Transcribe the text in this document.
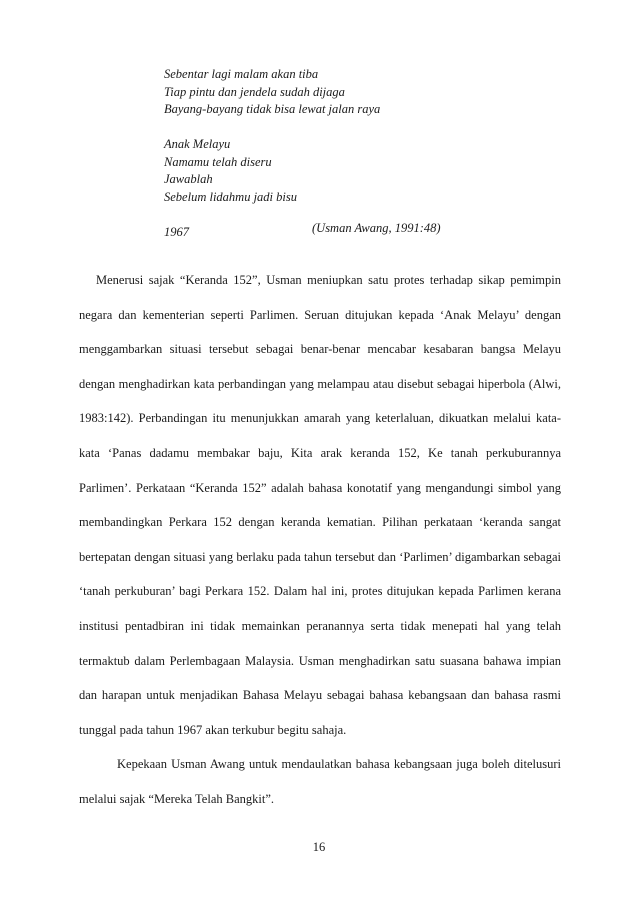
Sebentar lagi malam akan tiba
Tiap pintu dan jendela sudah dijaga
Bayang-bayang tidak bisa lewat jalan raya
Anak Melayu
Namamu telah diseru
Jawablah
Sebelum lidahmu jadi bisu
1967	(Usman Awang, 1991:48)

Menerusi sajak “Keranda 152”, Usman meniupkan satu protes terhadap sikap pemimpin negara dan kementerian seperti Parlimen. Seruan ditujukan kepada ‘Anak Melayu’ dengan menggambarkan situasi tersebut sebagai benar-benar mencabar kesabaran bangsa Melayu dengan menghadirkan kata perbandingan yang melampau atau disebut sebagai hiperbola (Alwi, 1983:142). Perbandingan itu menunjukkan amarah yang keterlaluan, dikuatkan melalui kata-kata ‘Panas dadamu membakar baju, Kita arak keranda 152, Ke tanah perkuburannya Parlimen’. Perkataan “Keranda 152” adalah bahasa konotatif yang mengandungi simbol yang membandingkan Perkara 152 dengan keranda kematian. Pilihan perkataan ‘keranda sangat bertepatan dengan situasi yang berlaku pada tahun tersebut dan ‘Parlimen’ digambarkan sebagai ‘tanah perkuburan’ bagi Perkara 152. Dalam hal ini, protes ditujukan kepada Parlimen kerana institusi pentadbiran ini tidak memainkan peranannya serta tidak menepati hal yang telah termaktub dalam Perlembagaan Malaysia. Usman menghadirkan satu suasana bahawa impian dan harapan untuk menjadikan Bahasa Melayu sebagai bahasa kebangsaan dan bahasa rasmi tunggal pada tahun 1967 akan terkubur begitu sahaja.

Kepekaan Usman Awang untuk mendaulatkan bahasa kebangsaan juga boleh ditelusuri melalui sajak “Mereka Telah Bangkit”.

16
